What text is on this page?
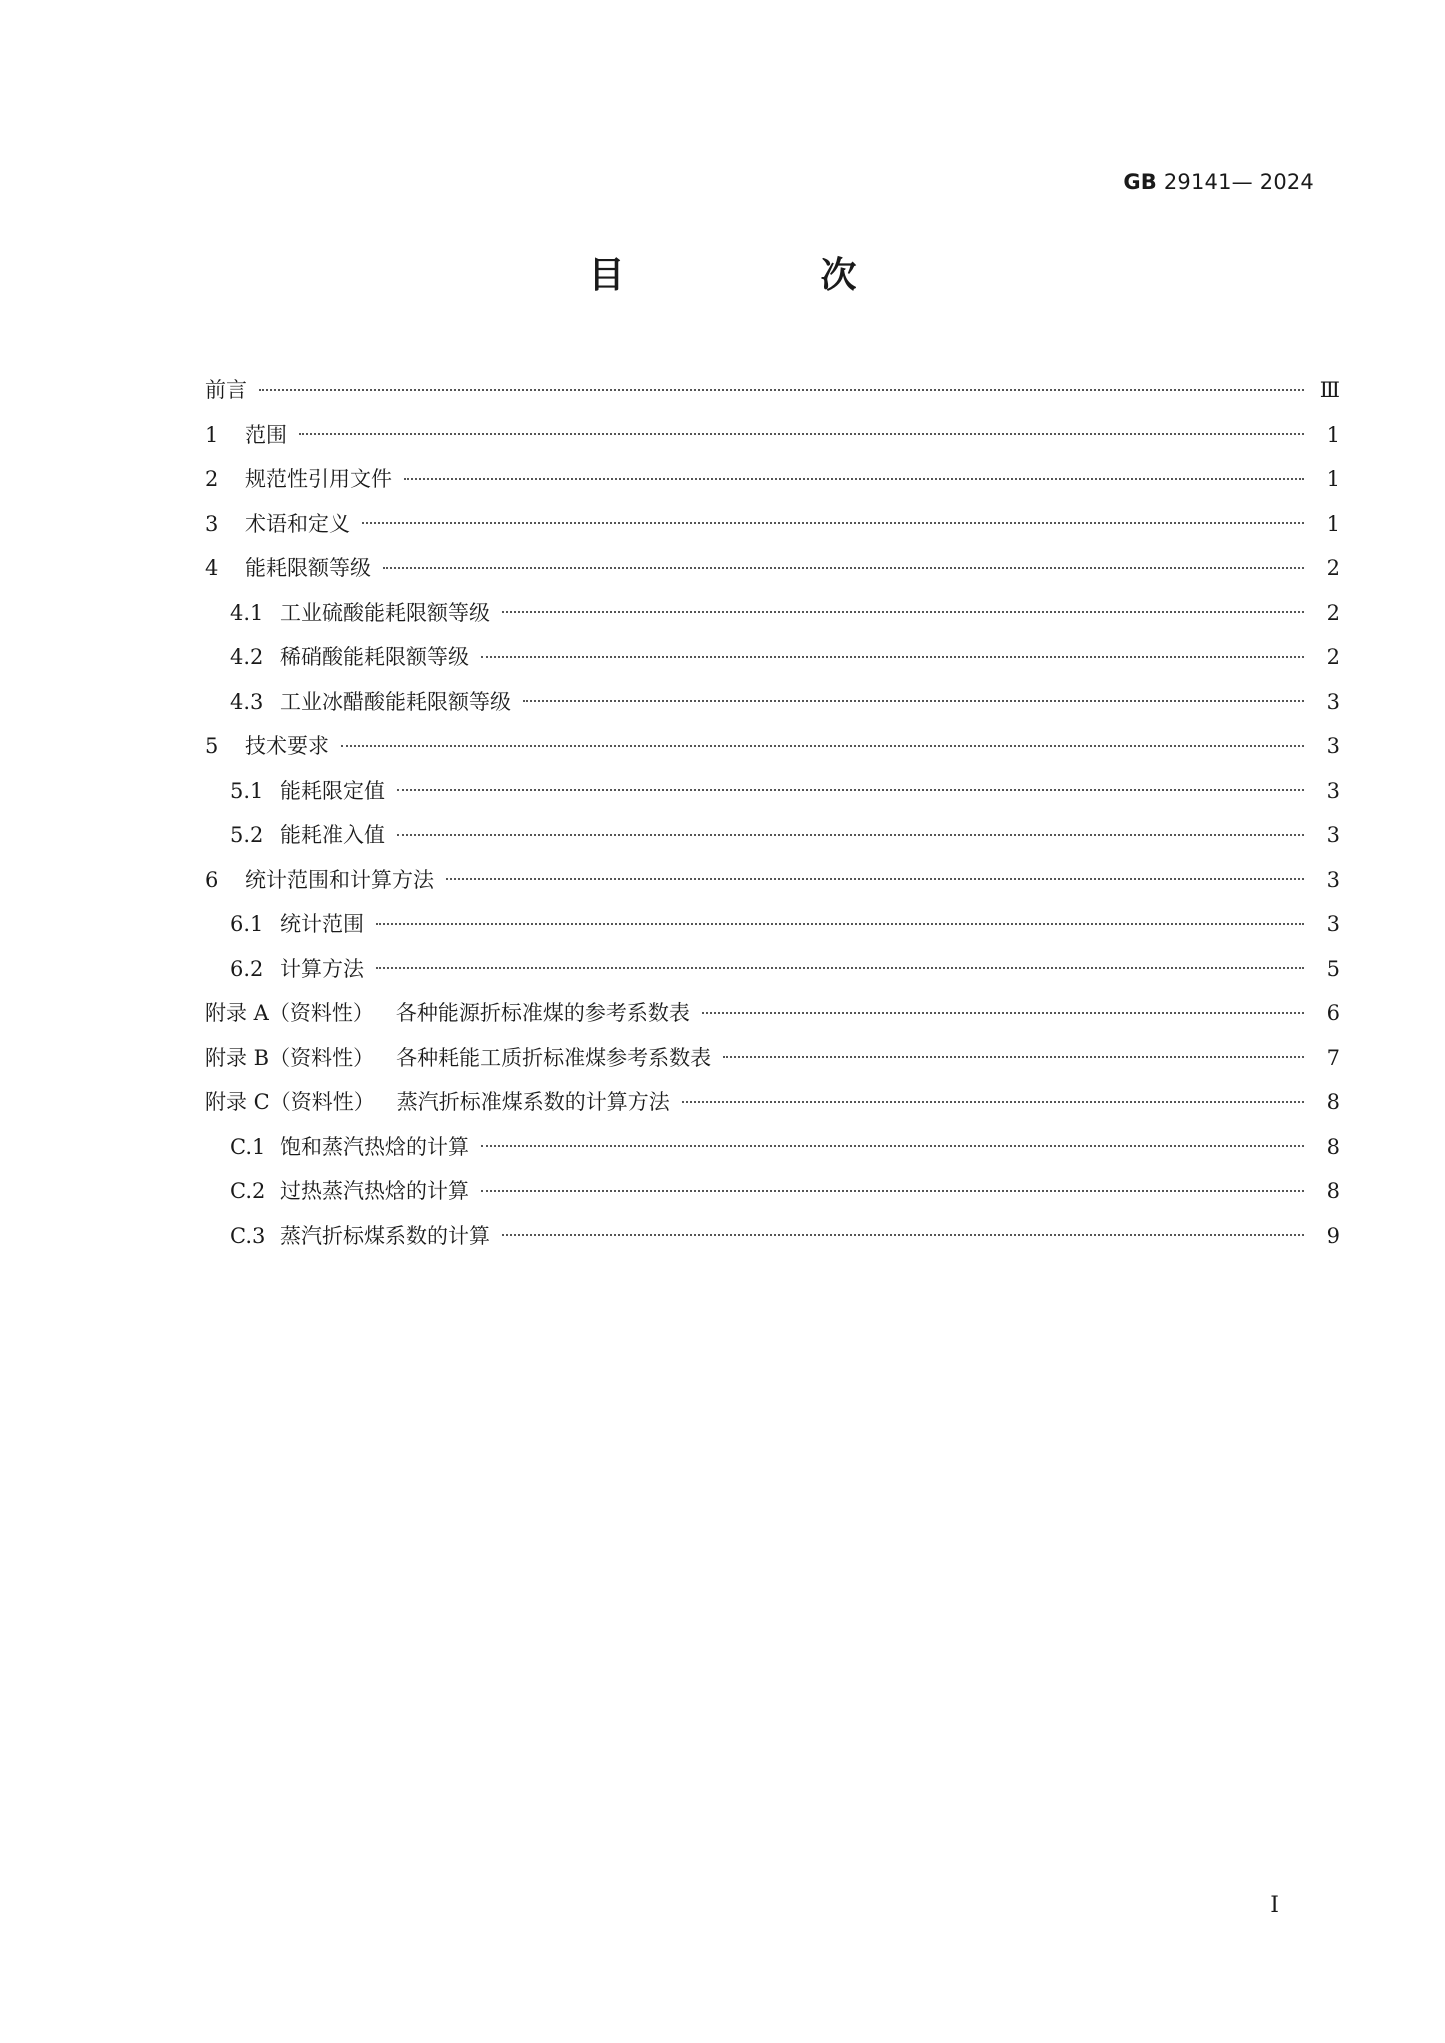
GB 29141— 2024
目　次
前言	Ⅲ
1	范围	1
2	规范性引用文件	1
3	术语和定义	1
4	能耗限额等级	2
4.1 工业硫酸能耗限额等级	2
4.2 稀硝酸能耗限额等级	2
4.3 工业冰醋酸能耗限额等级	3
5	技术要求	3
5.1 能耗限定值	3
5.2 能耗准入值	3
6	统计范围和计算方法	3
6.1 统计范围	3
6.2 计算方法	5
附录 A（资料性） 各种能源折标准煤的参考系数表	6
附录 B（资料性） 各种耗能工质折标准煤参考系数表	7
附录 C（资料性） 蒸汽折标准煤系数的计算方法	8
C.1 饱和蒸汽热焓的计算	8
C.2 过热蒸汽热焓的计算	8
C.3 蒸汽折标煤系数的计算	9
I
